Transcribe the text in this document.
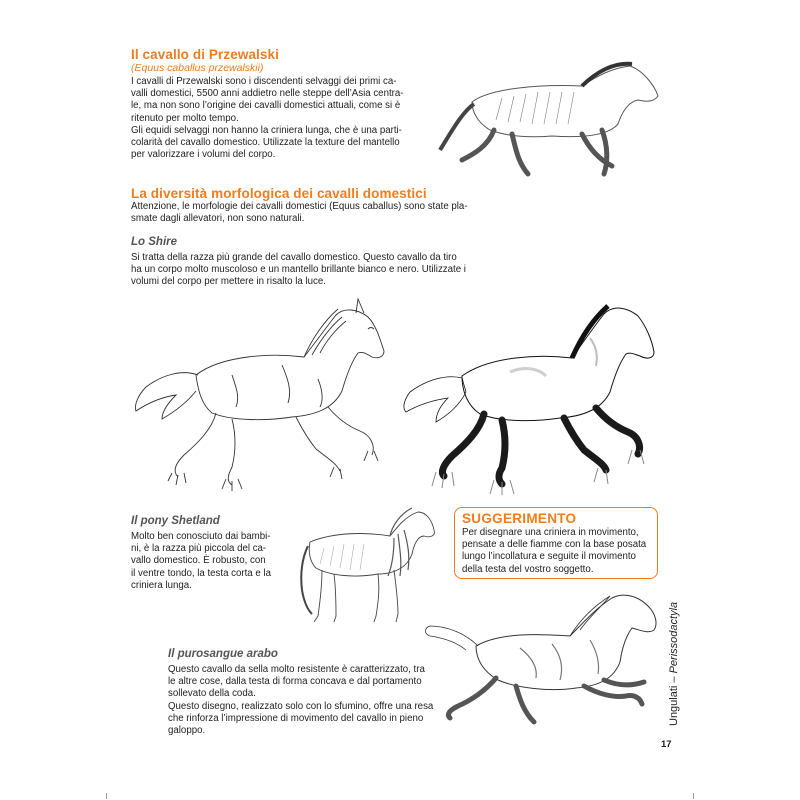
Il cavallo di Przewalski
(Equus caballus przewalskii)
I cavalli di Przewalski sono i discendenti selvaggi dei primi ca-
valli domestici, 5500 anni addietro nelle steppe dell’Asia centra-
le, ma non sono l’origine dei cavalli domestici attuali, come si è
ritenuto per molto tempo.
Gli equidi selvaggi non hanno la criniera lunga, che è una parti-
colarità del cavallo domestico. Utilizzate la texture del mantello
per valorizzare i volumi del corpo.
La diversità morfologica dei cavalli domestici
Attenzione, le morfologie dei cavalli domestici (Equus caballus) sono state pla-
smate dagli allevatori, non sono naturali.
Lo Shire
Si tratta della razza più grande del cavallo domestico. Questo cavallo da tiro
ha un corpo molto muscoloso e un mantello brillante bianco e nero. Utilizzate i
volumi del corpo per mettere in risalto la luce.
Il pony Shetland
Molto ben conosciuto dai bambi-
ni, è la razza più piccola del ca-
vallo domestico. È robusto, con
il ventre tondo, la testa corta e la
criniera lunga.
SUGGERIMENTO
Per disegnare una criniera in movimento,
pensate a delle fiamme con la base posata
lungo l’incollatura e seguite il movimento
della testa del vostro soggetto.
Il purosangue arabo
Questo cavallo da sella molto resistente è caratterizzato, tra
le altre cose, dalla testa di forma concava e dal portamento
sollevato della coda.
Questo disegno, realizzato solo con lo sfumino, offre una resa
che rinforza l’impressione di movimento del cavallo in pieno
galoppo.
Ungulati – Perissodactyla
17
